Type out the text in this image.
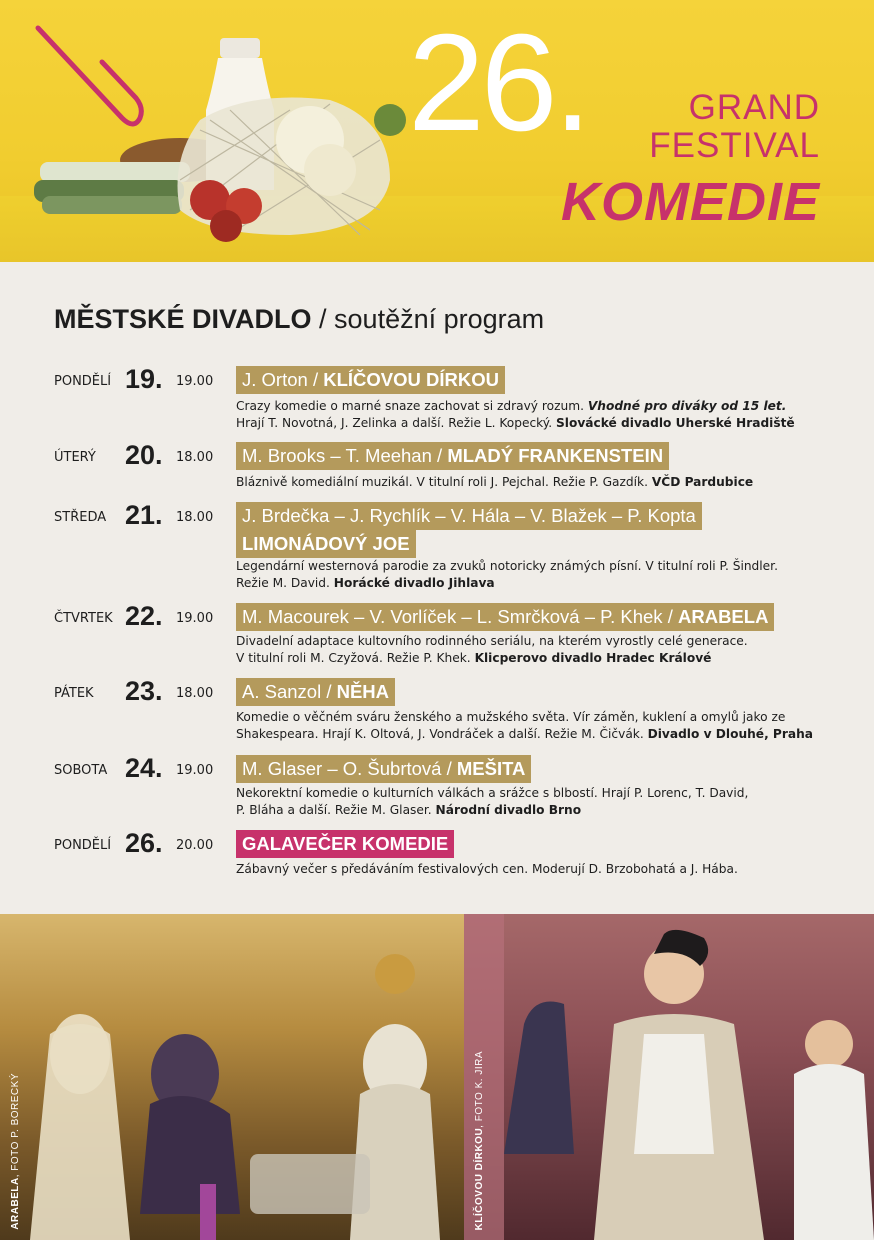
26.	GRAND
FESTIVAL
KOMEDIE
MĚSTSKÉ DIVADLO / soutěžní program
PONDĚLÍ 19. 19.00	J. Orton / KLÍČOVOU DÍRKOU
Crazy komedie o marné snaze zachovat si zdravý rozum. Vhodné pro diváky od 15 let.
Hrají T. Novotná, J. Zelinka a další. Režie L. Kopecký. Slovácké divadlo Uherské Hradiště
ÚTERÝ 20. 18.00	M. Brooks – T. Meehan / MLADÝ FRANKENSTEIN
Bláznivě komediální muzikál. V titulní roli J. Pejchal. Režie P. Gazdík. VČD Pardubice
STŘEDA 21. 18.00	J. Brdečka – J. Rychlík – V. Hála – V. Blažek – P. Kopta
LIMONÁDOVÝ JOE
Legendární westernová parodie za zvuků notoricky známých písní. V titulní roli P. Šindler.
Režie M. David. Horácké divadlo Jihlava
ČTVRTEK 22. 19.00	M. Macourek – V. Vorlíček – L. Smrčková – P. Khek / ARABELA
Divadelní adaptace kultovního rodinného seriálu, na kterém vyrostly celé generace.
V titulní roli M. Czyžová. Režie P. Khek. Klicperovo divadlo Hradec Králové
PÁTEK 23. 18.00	A. Sanzol / NĚHA
Komedie o věčném sváru ženského a mužského světa. Vír záměn, kuklení a omylů jako ze
Shakespeara. Hrají K. Oltová, J. Vondráček a další. Režie M. Čičvák. Divadlo v Dlouhé, Praha
SOBOTA 24. 19.00	M. Glaser – O. Šubrtová / MEŠITA
Nekorektní komedie o kulturních válkách a srážce s blbostí. Hrají P. Lorenc, T. David,
P. Bláha a další. Režie M. Glaser. Národní divadlo Brno
PONDĚLÍ 26. 20.00	GALAVEČER KOMEDIE
Zábavný večer s předáváním festivalových cen. Moderují D. Brzobohatá a J. Hába.
ARABELA, FOTO P. BORECKÝ
KLÍČOVOU DÍRKOU, FOTO K. JIRA
